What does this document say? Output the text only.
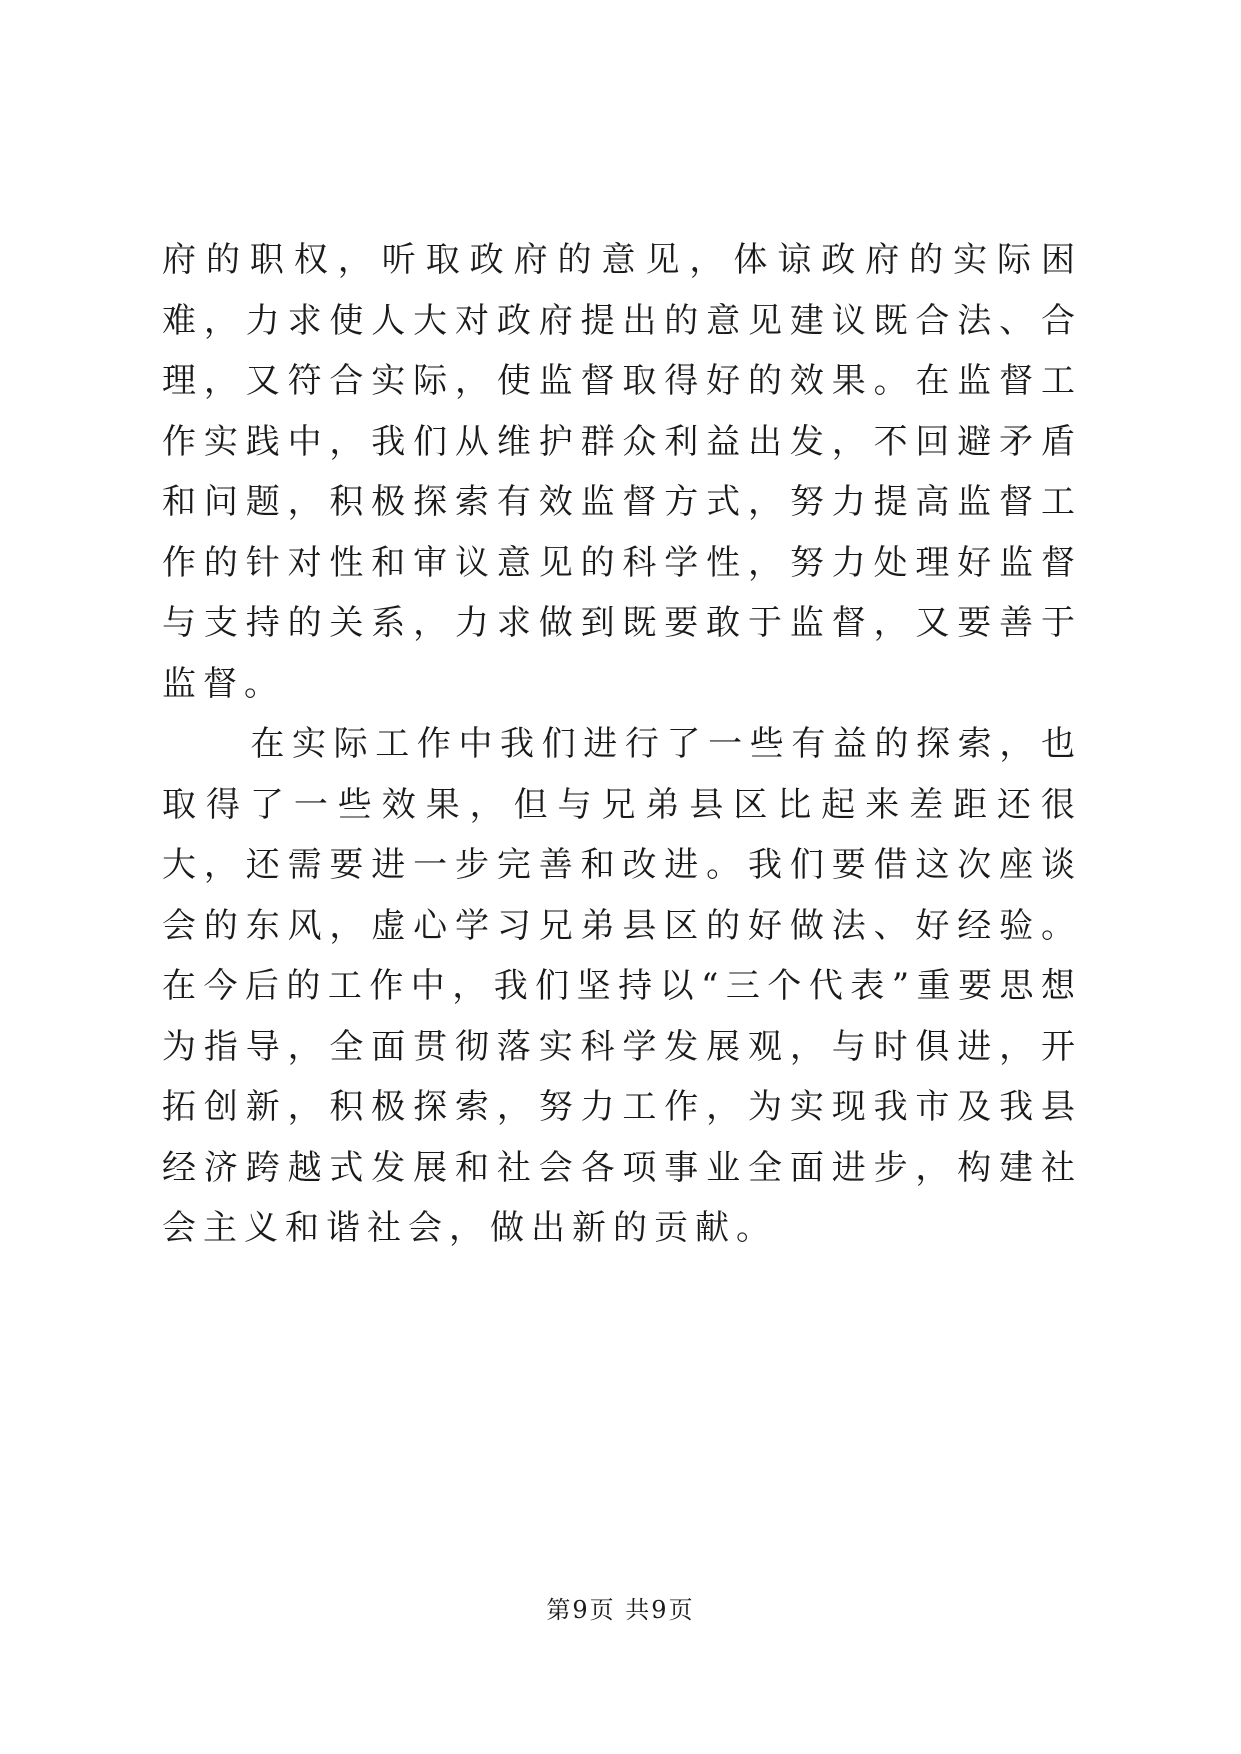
府的职权，听取政府的意见，体谅政府的实际困难，力求使人大对政府提出的意见建议既合法、合理，又符合实际，使监督取得好的效果。在监督工作实践中，我们从维护群众利益出发，不回避矛盾和问题，积极探索有效监督方式，努力提高监督工作的针对性和审议意见的科学性，努力处理好监督与支持的关系，力求做到既要敢于监督，又要善于监督。

在实际工作中我们进行了一些有益的探索，也取得了一些效果，但与兄弟县区比起来差距还很大，还需要进一步完善和改进。我们要借这次座谈会的东风，虚心学习兄弟县区的好做法、好经验。在今后的工作中，我们坚持以“三个代表”重要思想为指导，全面贯彻落实科学发展观，与时俱进，开拓创新，积极探索，努力工作，为实现我市及我县经济跨越式发展和社会各项事业全面进步，构建社会主义和谐社会，做出新的贡献。

第9页 共9页
